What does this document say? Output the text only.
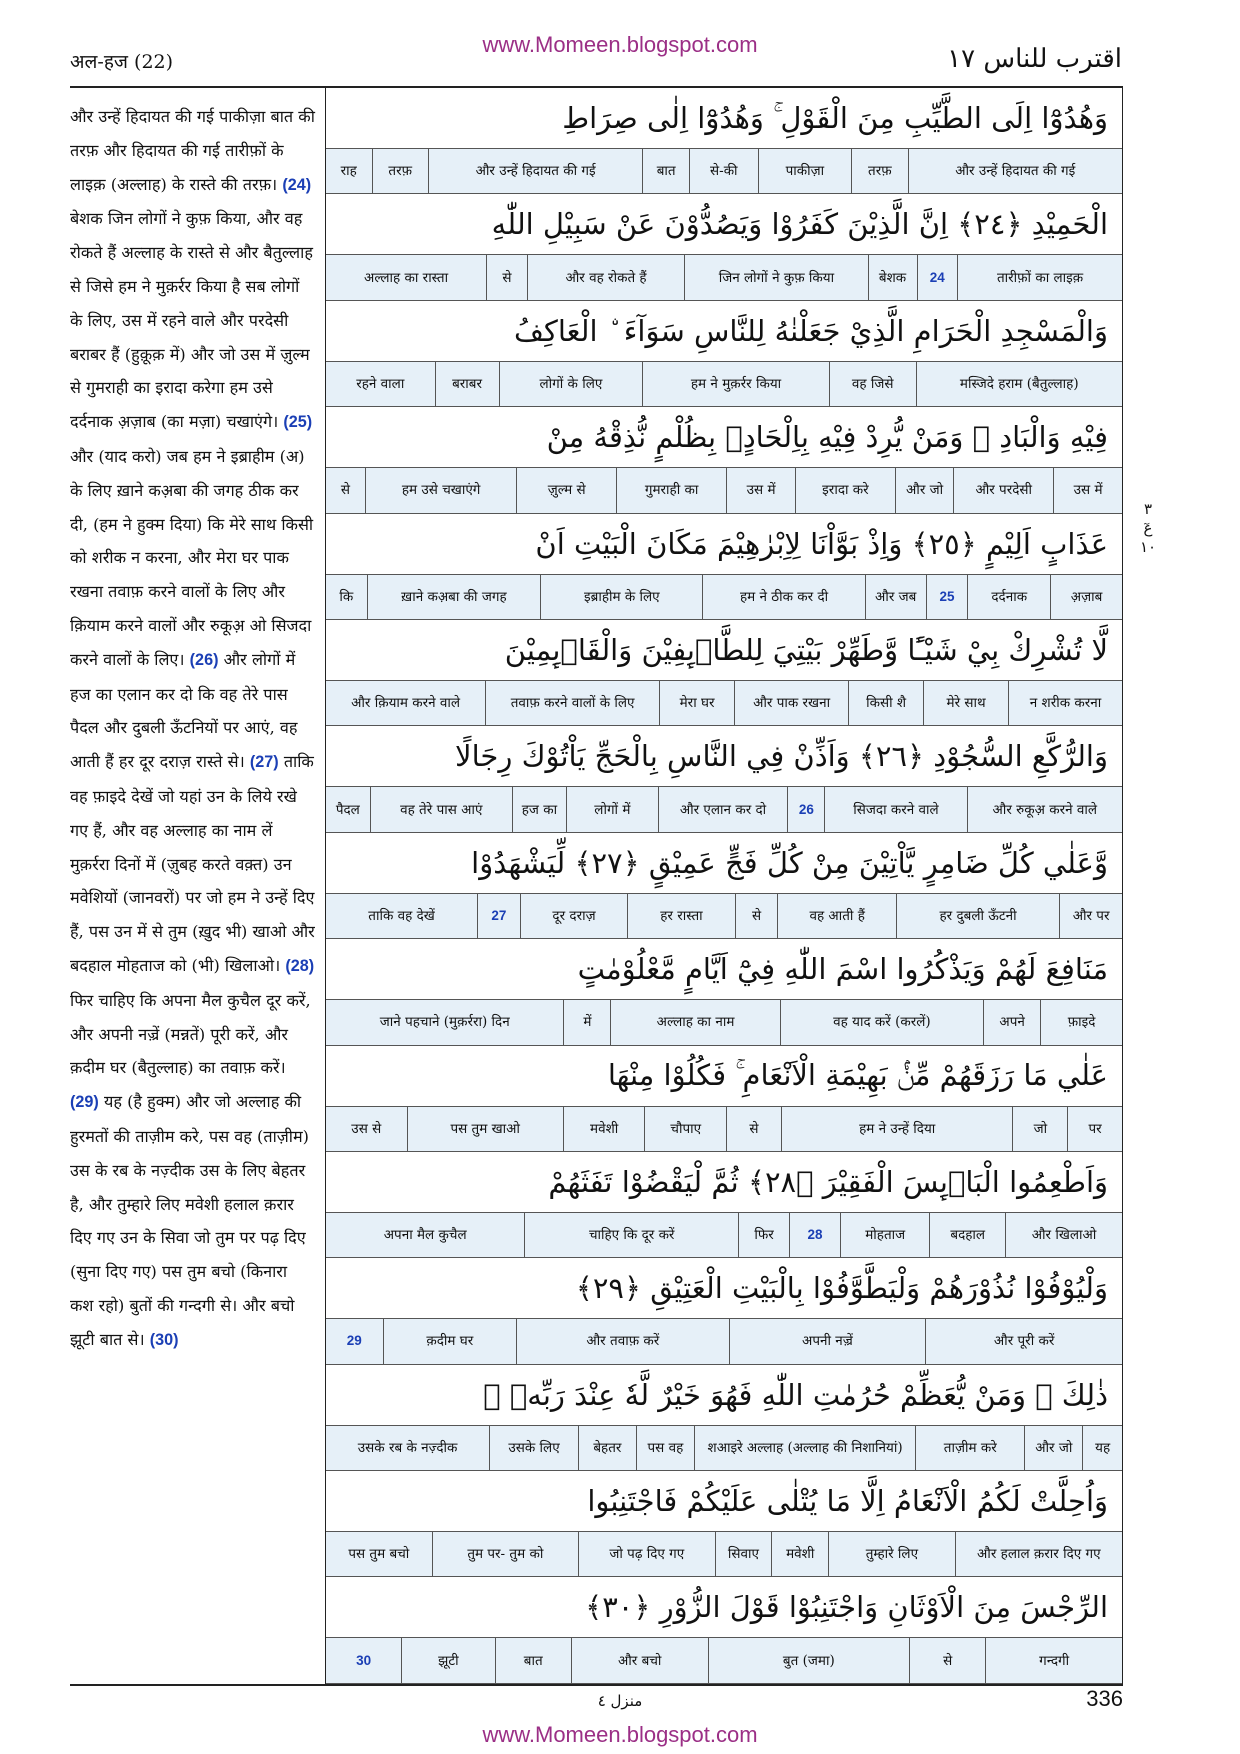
www.Momeen.blogspot.com
अल-हज (22)	اقترب للناس ١٧

और उन्हें हिदायत की गई पाकीज़ा बात की तरफ़ और हिदायत की गई तारीफ़ों के लाइक़ (अल्लाह) के रास्ते की तरफ़। (24) बेशक जिन लोगों ने कुफ़ किया, और वह रोकते हैं अल्लाह के रास्ते से और बैतुल्लाह से जिसे हम ने मुक़र्रर किया है सब लोगों के लिए, उस में रहने वाले और परदेसी बराबर हैं (हुक़ूक़ में) और जो उस में ज़ुल्म से गुमराही का इरादा करेगा हम उसे दर्दनाक अ़ज़ाब (का मज़ा) चखाएंगे। (25) और (याद करो) जब हम ने इब्राहीम (अ) के लिए ख़ाने कअ़बा की जगह ठीक कर दी, (हम ने हुक्म दिया) कि मेरे साथ किसी को शरीक न करना, और मेरा घर पाक रखना तवाफ़ करने वालों के लिए और क़ियाम करने वालों और रुकूअ़ ओ सिजदा करने वालों के लिए। (26) और लोगों में हज का एलान कर दो कि वह तेरे पास पैदल और दुबली ऊँटनियों पर आएं, वह आती हैं हर दूर दराज़ रास्ते से। (27) ताकि वह फ़ाइदे देखें जो यहां उन के लिये रखे गए हैं, और वह अल्लाह का नाम लें मुक़र्ररा दिनों में (ज़ुबह करते वक़्त) उन मवेशियों (जानवरों) पर जो हम ने उन्हें दिए हैं, पस उन में से तुम (ख़ुद भी) खाओ और बदहाल मोहताज को (भी) खिलाओ। (28) फिर चाहिए कि अपना मैल कुचैल दूर करें, और अपनी नज़्रें (मन्नतें) पूरी करें, और क़दीम घर (बैतुल्लाह) का तवाफ़ करें। (29) यह (है हुक्म) और जो अल्लाह की हुरमतों की ताज़ीम करे, पस वह (ताज़ीम) उस के रब के नज़्दीक उस के लिए बेहतर है, और तुम्हारे लिए मवेशी हलाल क़रार दिए गए उन के सिवा जो तुम पर पढ़ दिए (सुना दिए गए) पस तुम बचो (किनारा कश रहो) बुतों की गन्दगी से। और बचो झूटी बात से। (30)

وَهُدُوْٓا اِلَى الطَّيِّبِ مِنَ الْقَوْلِ ۚ وَهُدُوْٓا اِلٰى صِرَاطِ
और उन्हें हिदायत की गई
तरफ़
पाकीज़ा
से-की
बात
और उन्हें हिदायत की गई
तरफ़
राह
الْحَمِيْدِ ﴿٢٤﴾ اِنَّ الَّذِيْنَ كَفَرُوْا وَيَصُدُّوْنَ عَنْ سَبِيْلِ اللّٰهِ
तारीफ़ों का लाइक़
24
बेशक
जिन लोगों ने कुफ़ किया
और वह रोकते हैं
से
अल्लाह का रास्ता
وَالْمَسْجِدِ الْحَرَامِ الَّذِيْ جَعَلْنٰهُ لِلنَّاسِ سَوَآءَ ۨ الْعَاكِفُ
मस्जिदे हराम (बैतुल्लाह)
वह जिसे
हम ने मुक़र्रर किया
लोगों के लिए
बराबर
रहने वाला
فِيْهِ وَالْبَادِ ۭ وَمَنْ يُّرِدْ فِيْهِ بِاِلْحَادٍۢ بِظُلْمٍ نُّذِقْهُ مِنْ
उस में
और परदेसी
और जो
इरादा करे
उस में
गुमराही का
ज़ुल्म से
हम उसे चखाएंगे
से
عَذَابٍ اَلِيْمٍ ﴿٢٥﴾ وَاِذْ بَوَّاْنَا لِاِبْرٰهِيْمَ مَكَانَ الْبَيْتِ اَنْ
अ़ज़ाब
दर्दनाक
25
और जब
हम ने ठीक कर दी
इब्राहीम के लिए
ख़ाने कअ़बा की जगह
कि
لَّا تُشْرِكْ بِيْ شَيْـًٔا وَّطَهِّرْ بَيْتِيَ لِلطَّاۗىِٕفِيْنَ وَالْقَاۗىِٕمِيْنَ
न शरीक करना
मेरे साथ
किसी शै
और पाक रखना
मेरा घर
तवाफ़ करने वालों के लिए
और क़ियाम करने वाले
وَالرُّكَّعِ السُّجُوْدِ ﴿٢٦﴾ وَاَذِّنْ فِي النَّاسِ بِالْحَجِّ يَاْتُوْكَ رِجَالًا
और रुकूअ़ करने वाले
सिजदा करने वाले
26
और एलान कर दो
लोगों में
हज का
वह तेरे पास आएं
पैदल
وَّعَلٰي كُلِّ ضَامِرٍ يَّاْتِيْنَ مِنْ كُلِّ فَجٍّ عَمِيْقٍ ﴿٢٧﴾ لِّيَشْهَدُوْا
और पर
हर दुबली ऊँटनी
वह आती हैं
से
हर रास्ता
दूर दराज़
27
ताकि वह देखें
مَنَافِعَ لَهُمْ وَيَذْكُرُوا اسْمَ اللّٰهِ فِيْٓ اَيَّامٍ مَّعْلُوْمٰتٍ
फ़ाइदे
अपने
वह याद करें (करलें)
अल्लाह का नाम
में
जाने पहचाने (मुक़र्ररा) दिन
عَلٰي مَا رَزَقَهُمْ مِّنْۢ بَهِيْمَةِ الْاَنْعَامِ ۚ فَكُلُوْا مِنْهَا
पर
जो
हम ने उन्हें दिया
से
चौपाए
मवेशी
पस तुम खाओ
उस से
وَاَطْعِمُوا الْبَاۗىِٕسَ الْفَقِيْرَ ﴿٢٨﴾ ثُمَّ لْيَقْضُوْا تَفَثَهُمْ
और खिलाओ
बदहाल
मोहताज
28
फिर
चाहिए कि दूर करें
अपना मैल कुचैल
وَلْيُوْفُوْا نُذُوْرَهُمْ وَلْيَطَّوَّفُوْا بِالْبَيْتِ الْعَتِيْقِ ﴿٢٩﴾
और पूरी करें
अपनी नज़्रें
और तवाफ़ करें
क़दीम घर
29
ذٰلِكَ ۤ وَمَنْ يُّعَظِّمْ حُرُمٰتِ اللّٰهِ فَهُوَ خَيْرٌ لَّهٗ عِنْدَ رَبِّهٖ ۭ
यह
और जो
ताज़ीम करे
शआइरे अल्लाह (अल्लाह की निशानियां)
पस वह
बेहतर
उसके लिए
उसके रब के नज़्दीक
وَاُحِلَّتْ لَكُمُ الْاَنْعَامُ اِلَّا مَا يُتْلٰى عَلَيْكُمْ فَاجْتَنِبُوا
और हलाल क़रार दिए गए
तुम्हारे लिए
मवेशी
सिवाए
जो पढ़ दिए गए
तुम पर- तुम को
पस तुम बचो
الرِّجْسَ مِنَ الْاَوْثَانِ وَاجْتَنِبُوْا قَوْلَ الزُّوْرِ ﴿٣٠﴾
गन्दगी
से
बुत (जमा)
और बचो
बात
झूटी
30
٣
عٓ
١٠
منزل ٤	336
www.Momeen.blogspot.com
